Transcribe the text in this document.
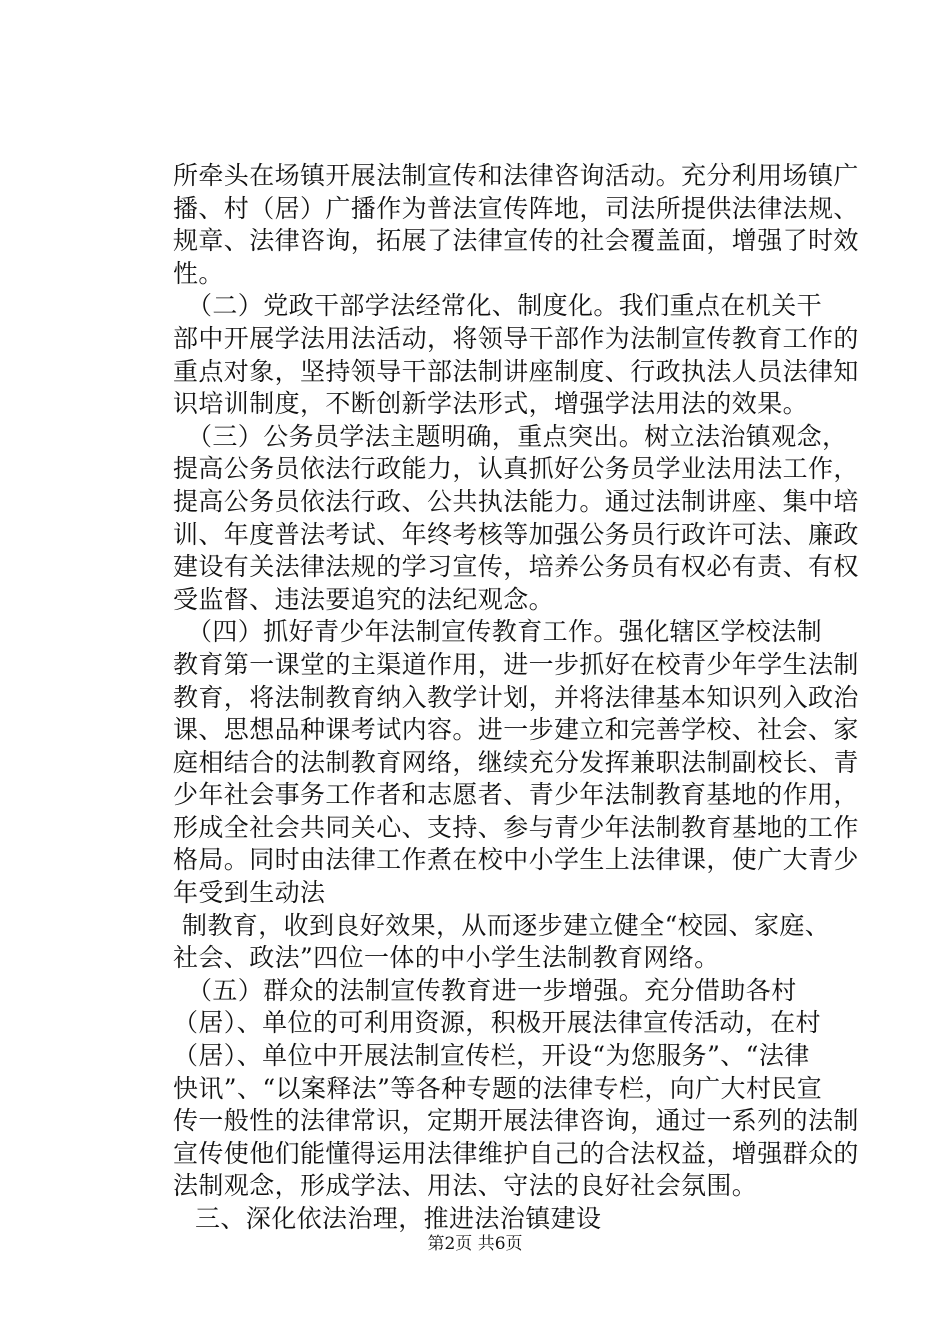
所牵头在场镇开展法制宣传和法律咨询活动。充分利用场镇广
播、村（居）广播作为普法宣传阵地，司法所提供法律法规、
规章、法律咨询，拓展了法律宣传的社会覆盖面，增强了时效
性。
（二）党政干部学法经常化、制度化。我们重点在机关干
部中开展学法用法活动，将领导干部作为法制宣传教育工作的
重点对象，坚持领导干部法制讲座制度、行政执法人员法律知
识培训制度，不断创新学法形式，增强学法用法的效果。
（三）公务员学法主题明确，重点突出。树立法治镇观念，
提高公务员依法行政能力，认真抓好公务员学业法用法工作，
提高公务员依法行政、公共执法能力。通过法制讲座、集中培
训、年度普法考试、年终考核等加强公务员行政许可法、廉政
建设有关法律法规的学习宣传，培养公务员有权必有责、有权
受监督、违法要追究的法纪观念。
（四）抓好青少年法制宣传教育工作。强化辖区学校法制
教育第一课堂的主渠道作用，进一步抓好在校青少年学生法制
教育，将法制教育纳入教学计划，并将法律基本知识列入政治
课、思想品种课考试内容。进一步建立和完善学校、社会、家
庭相结合的法制教育网络，继续充分发挥兼职法制副校长、青
少年社会事务工作者和志愿者、青少年法制教育基地的作用，
形成全社会共同关心、支持、参与青少年法制教育基地的工作
格局。同时由法律工作煮在校中小学生上法律课，使广大青少
年受到生动法
制教育，收到良好效果，从而逐步建立健全“校园、家庭、
社会、政法”四位一体的中小学生法制教育网络。
（五）群众的法制宣传教育进一步增强。充分借助各村
（居）、单位的可利用资源，积极开展法律宣传活动，在村
（居）、单位中开展法制宣传栏，开设“为您服务”、“法律
快讯”、“以案释法”等各种专题的法律专栏，向广大村民宣
传一般性的法律常识，定期开展法律咨询，通过一系列的法制
宣传使他们能懂得运用法律维护自己的合法权益，增强群众的
法制观念，形成学法、用法、守法的良好社会氛围。
三、深化依法治理，推进法治镇建设
第2页 共6页
